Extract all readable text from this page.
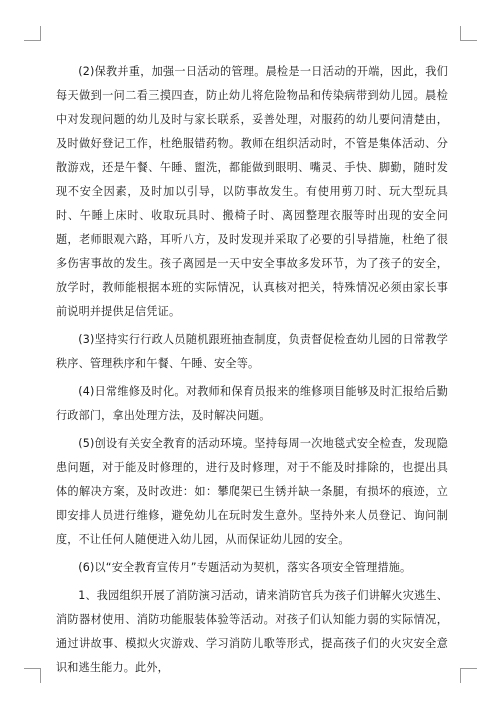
(2)保教并重，加强一日活动的管理。晨检是一日活动的开端，因此，我们每天做到一问二看三摸四查，防止幼儿将危险物品和传染病带到幼儿园。晨检中对发现问题的幼儿及时与家长联系，妥善处理，对服药的幼儿要问清楚由，及时做好登记工作，杜绝服错药物。教师在组织活动时，不管是集体活动、分散游戏，还是午餐、午睡、盥洗，都能做到眼明、嘴灵、手快、脚勤，随时发现不安全因素，及时加以引导，以防事故发生。有使用剪刀时、玩大型玩具时、午睡上床时、收取玩具时、搬椅子时、离园整理衣服等时出现的安全问题，老师眼观六路，耳听八方，及时发现并采取了必要的引导措施，杜绝了很多伤害事故的发生。孩子离园是一天中安全事故多发环节，为了孩子的安全，放学时，教师能根据本班的实际情况，认真核对把关，特殊情况必须由家长事前说明并提供足信凭证。

(3)坚持实行行政人员随机跟班抽查制度，负责督促检查幼儿园的日常教学秩序、管理秩序和午餐、午睡、安全等。

(4)日常维修及时化。对教师和保育员报来的维修项目能够及时汇报给后勤行政部门，拿出处理方法，及时解决问题。

(5)创设有关安全教育的活动环境。坚持每周一次地毯式安全检查，发现隐患问题，对于能及时修理的，进行及时修理，对于不能及时排除的，也提出具体的解决方案，及时改进：如：攀爬架已生锈并缺一条腿，有损坏的痕迹，立即安排人员进行维修，避免幼儿在玩时发生意外。坚持外来人员登记、询问制度，不让任何人随便进入幼儿园，从而保证幼儿园的安全。

(6)以“安全教育宣传月”专题活动为契机，落实各项安全管理措施。

1、我园组织开展了消防演习活动，请来消防官兵为孩子们讲解火灾逃生、消防器材使用、消防功能服装体验等活动。对孩子们认知能力弱的实际情况，通过讲故事、模拟火灾游戏、学习消防儿歌等形式，提高孩子们的火灾安全意识和逃生能力。此外，
